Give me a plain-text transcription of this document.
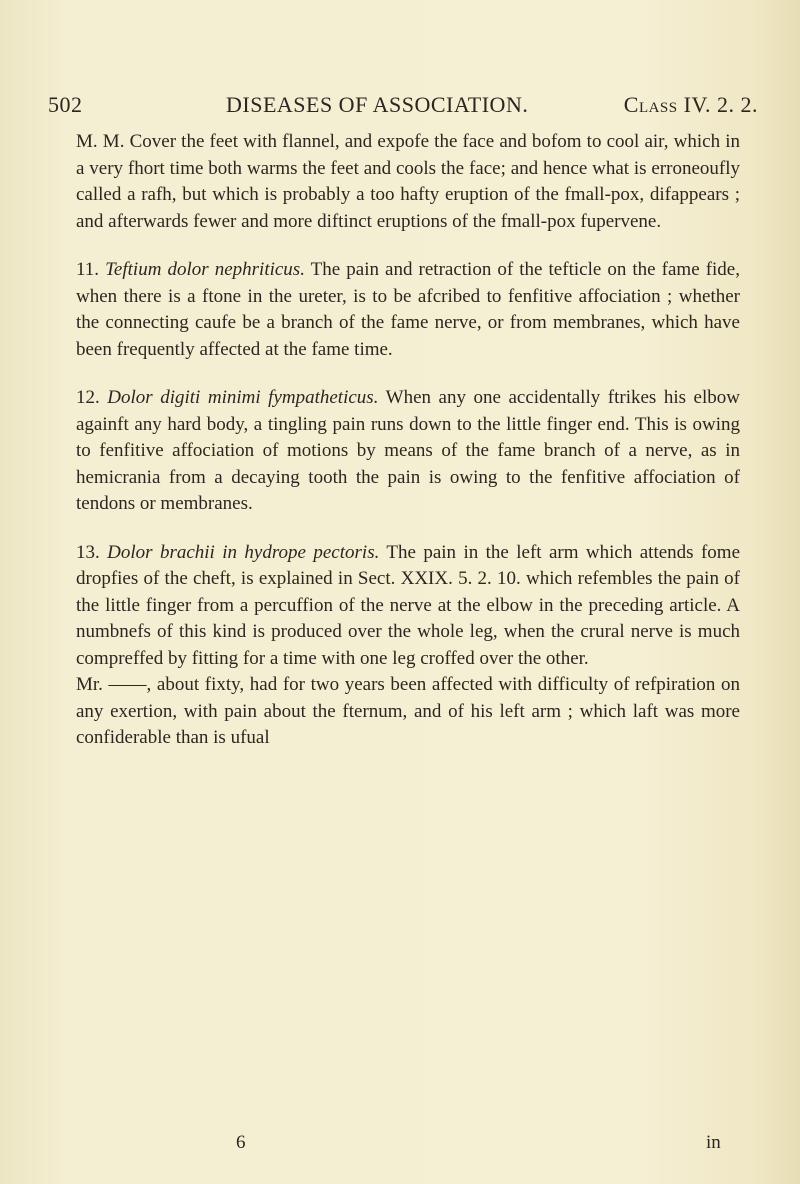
502	DISEASES OF ASSOCIATION.	Class IV. 2. 2.

M. M. Cover the feet with flannel, and expofe the face and bofom to cool air, which in a very fhort time both warms the feet and cools the face; and hence what is erroneoufly called a rafh, but which is probably a too hafty eruption of the fmall-pox, difappears ; and afterwards fewer and more diftinct eruptions of the fmall-pox fupervene.

11. Teftium dolor nephriticus. The pain and retraction of the tefticle on the fame fide, when there is a ftone in the ureter, is to be afcribed to fenfitive affociation ; whether the connecting caufe be a branch of the fame nerve, or from membranes, which have been frequently affected at the fame time.

12. Dolor digiti minimi fympatheticus. When any one accidentally ftrikes his elbow againft any hard body, a tingling pain runs down to the little finger end. This is owing to fenfitive affociation of motions by means of the fame branch of a nerve, as in hemicrania from a decaying tooth the pain is owing to the fenfitive affociation of tendons or membranes.

13. Dolor brachii in hydrope pectoris. The pain in the left arm which attends fome dropfies of the cheft, is explained in Sect. XXIX. 5. 2. 10. which refembles the pain of the little finger from a percuffion of the nerve at the elbow in the preceding article. A numbnefs of this kind is produced over the whole leg, when the crural nerve is much compreffed by fitting for a time with one leg croffed over the other.

Mr. ——, about fixty, had for two years been affected with difficulty of refpiration on any exertion, with pain about the fternum, and of his left arm ; which laft was more confiderable than is ufual

6	in
